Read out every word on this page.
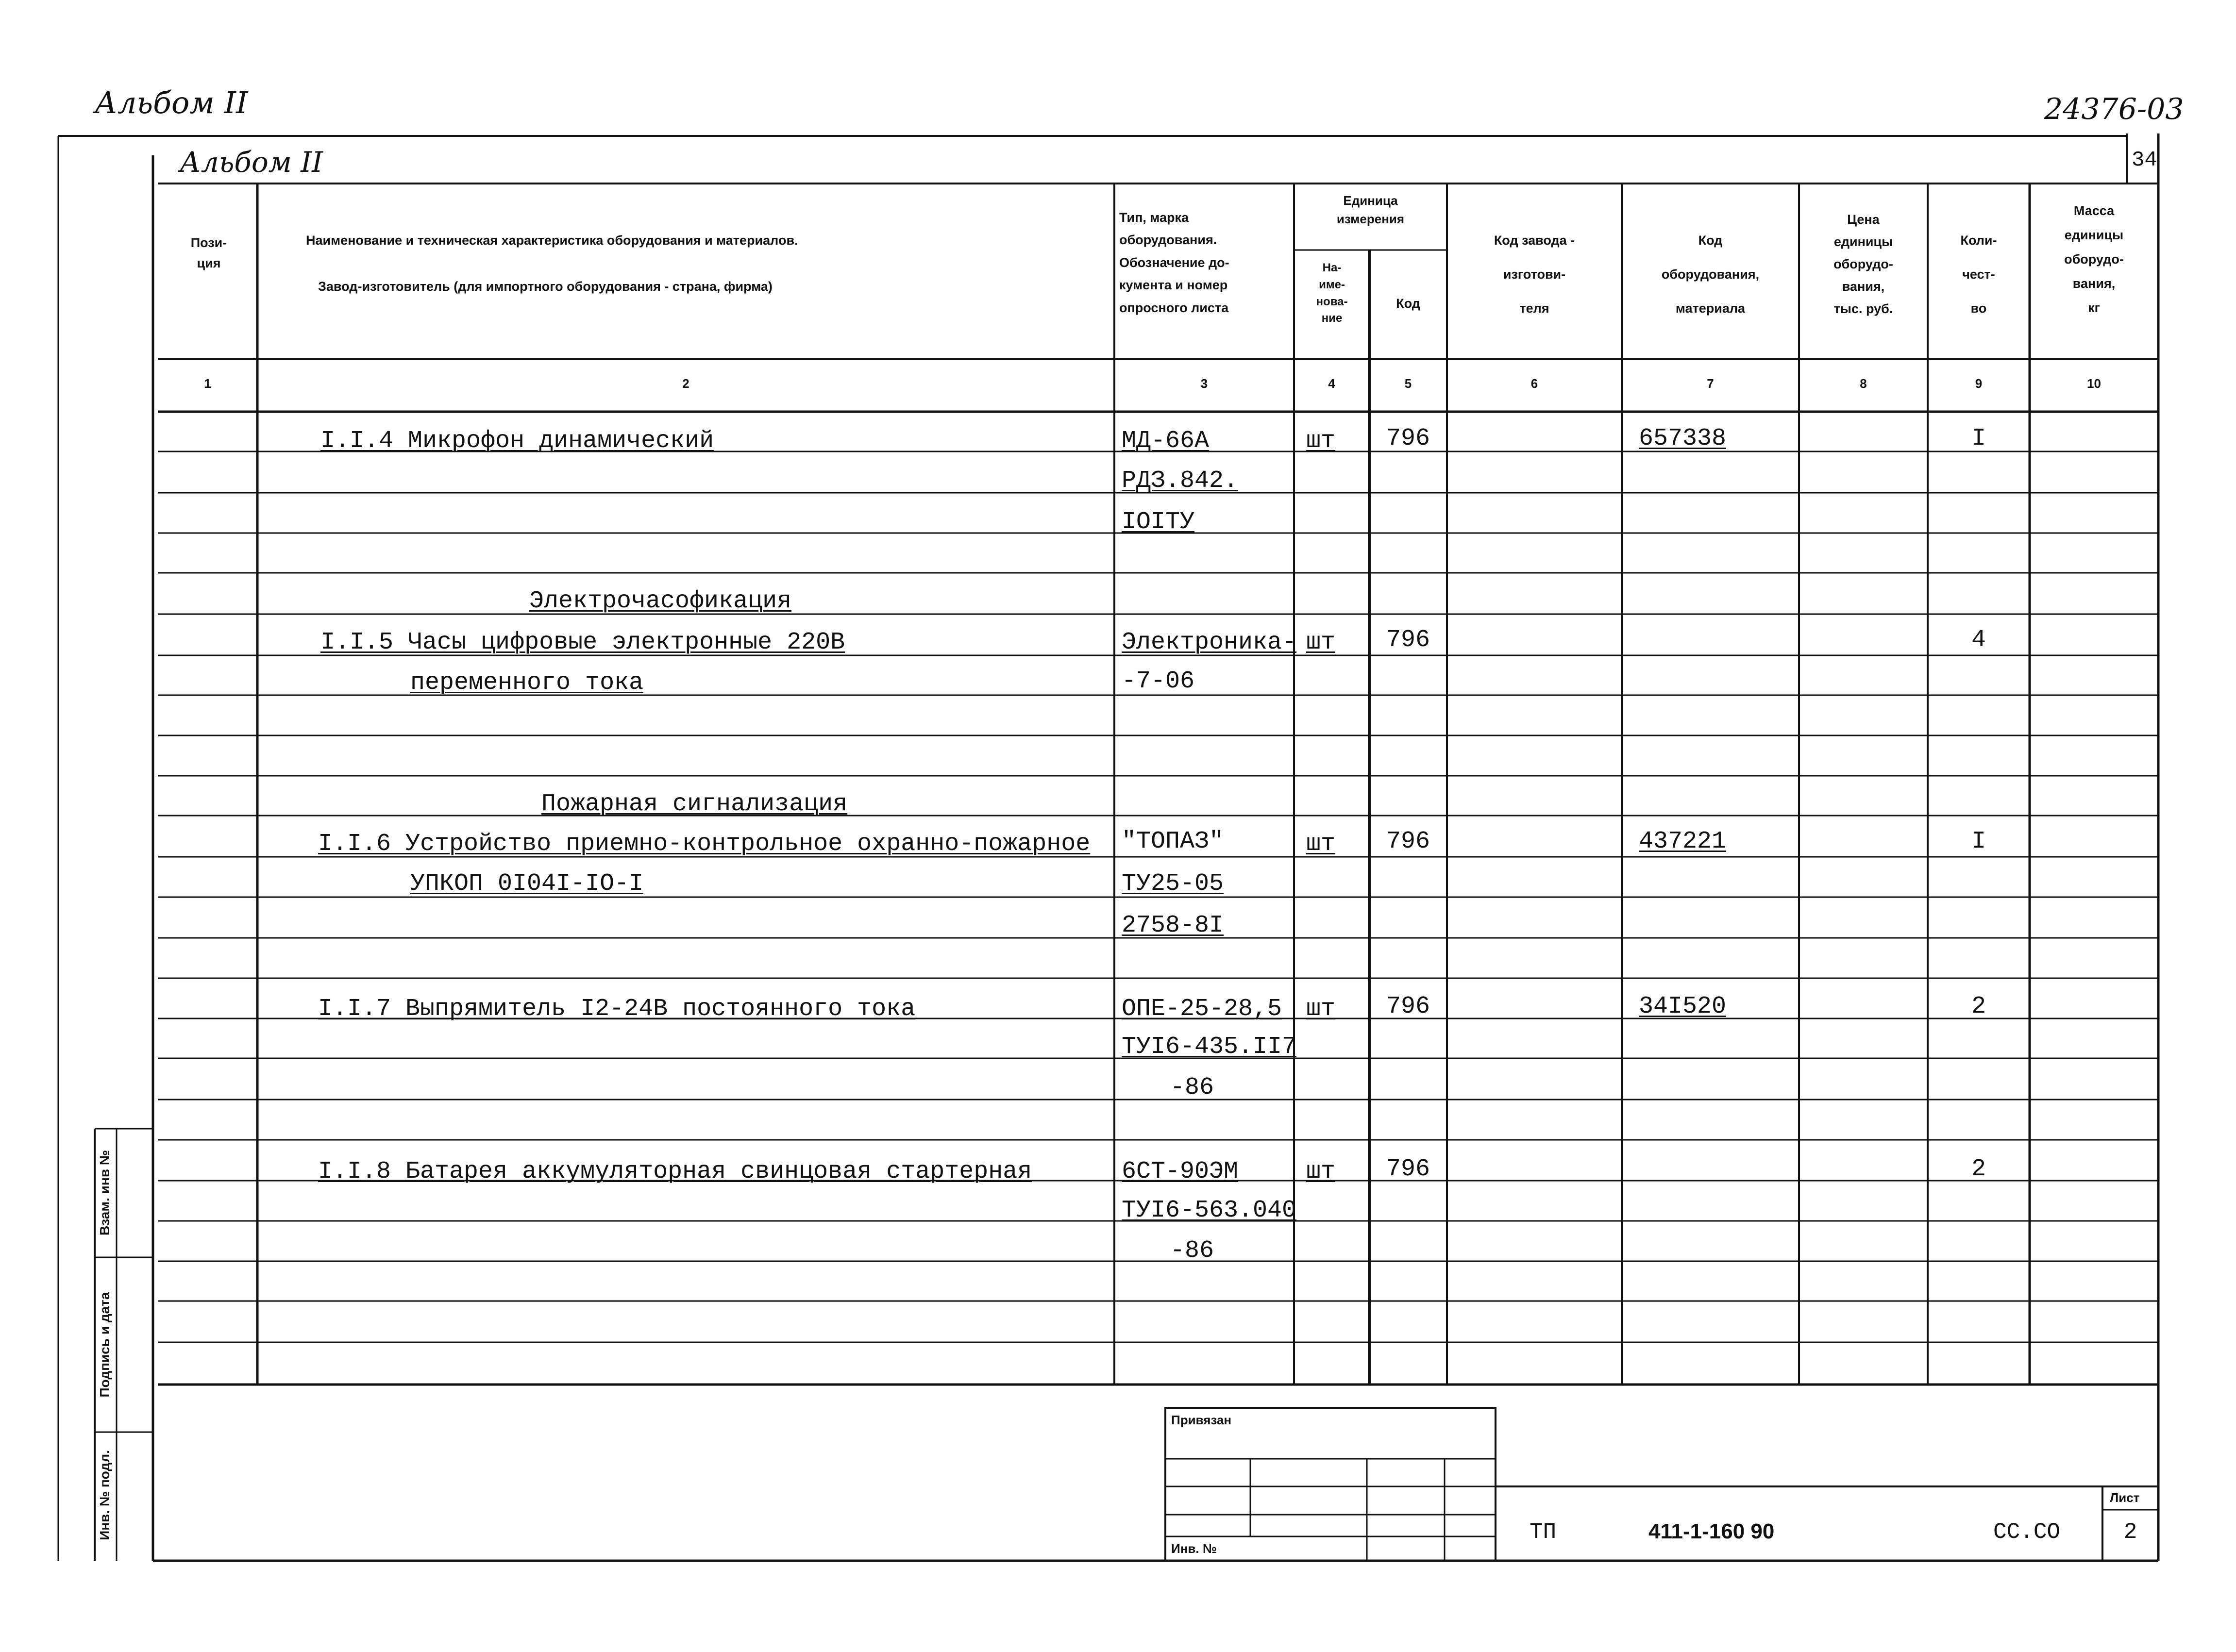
Альбом II	24376-03
Альбом II	34
Пози-
ция
Наименование и техническая характеристика оборудования и материалов.
Завод-изготовитель (для импортного оборудования - страна, фирма)
Тип, марка
оборудования.
Обозначение до-
кумента и номер
опросного листа
Единица
измерения
На-
име-
нова-
ние
Код
Код завода -
изготови-
теля
Код
оборудования,
материала
Цена
единицы
оборудо-
вания,
тыс. руб.
Коли-
чест-
во
Масса
единицы
оборудо-
вания,
кг
1	2	3	4	5	6	7	8	9	10
I.I.4 Микрофон динамический	МД-66А	шт 796	657338	I
РДЗ.842.
IOITУ
Электрочасофикация
I.I.5 Часы цифровые электронные 220В	Электроника- шт 796	4
переменного тока	-7-06
Пожарная сигнализация
I.I.6 Устройство приемно-контрольное охранно-пожарное "ТОПАЗ"	шт 796	437221	I
УПКОП 0I04I-IO-I	ТУ25-05
2758-8I
I.I.7 Выпрямитель I2-24В постоянного тока	ОПЕ-25-28,5 шт 796	34I520	2
ТУI6-435.II7
-86
I.I.8 Батарея аккумуляторная свинцовая стартерная	6СТ-90ЭМ	шт 796	2
ТУI6-563.040
-86
Взам. инв №
Подпись и дата
Инв. № подл.
Привязан
Инв. №
ТП	411-1-160 90	СС.СО
Лист
2
